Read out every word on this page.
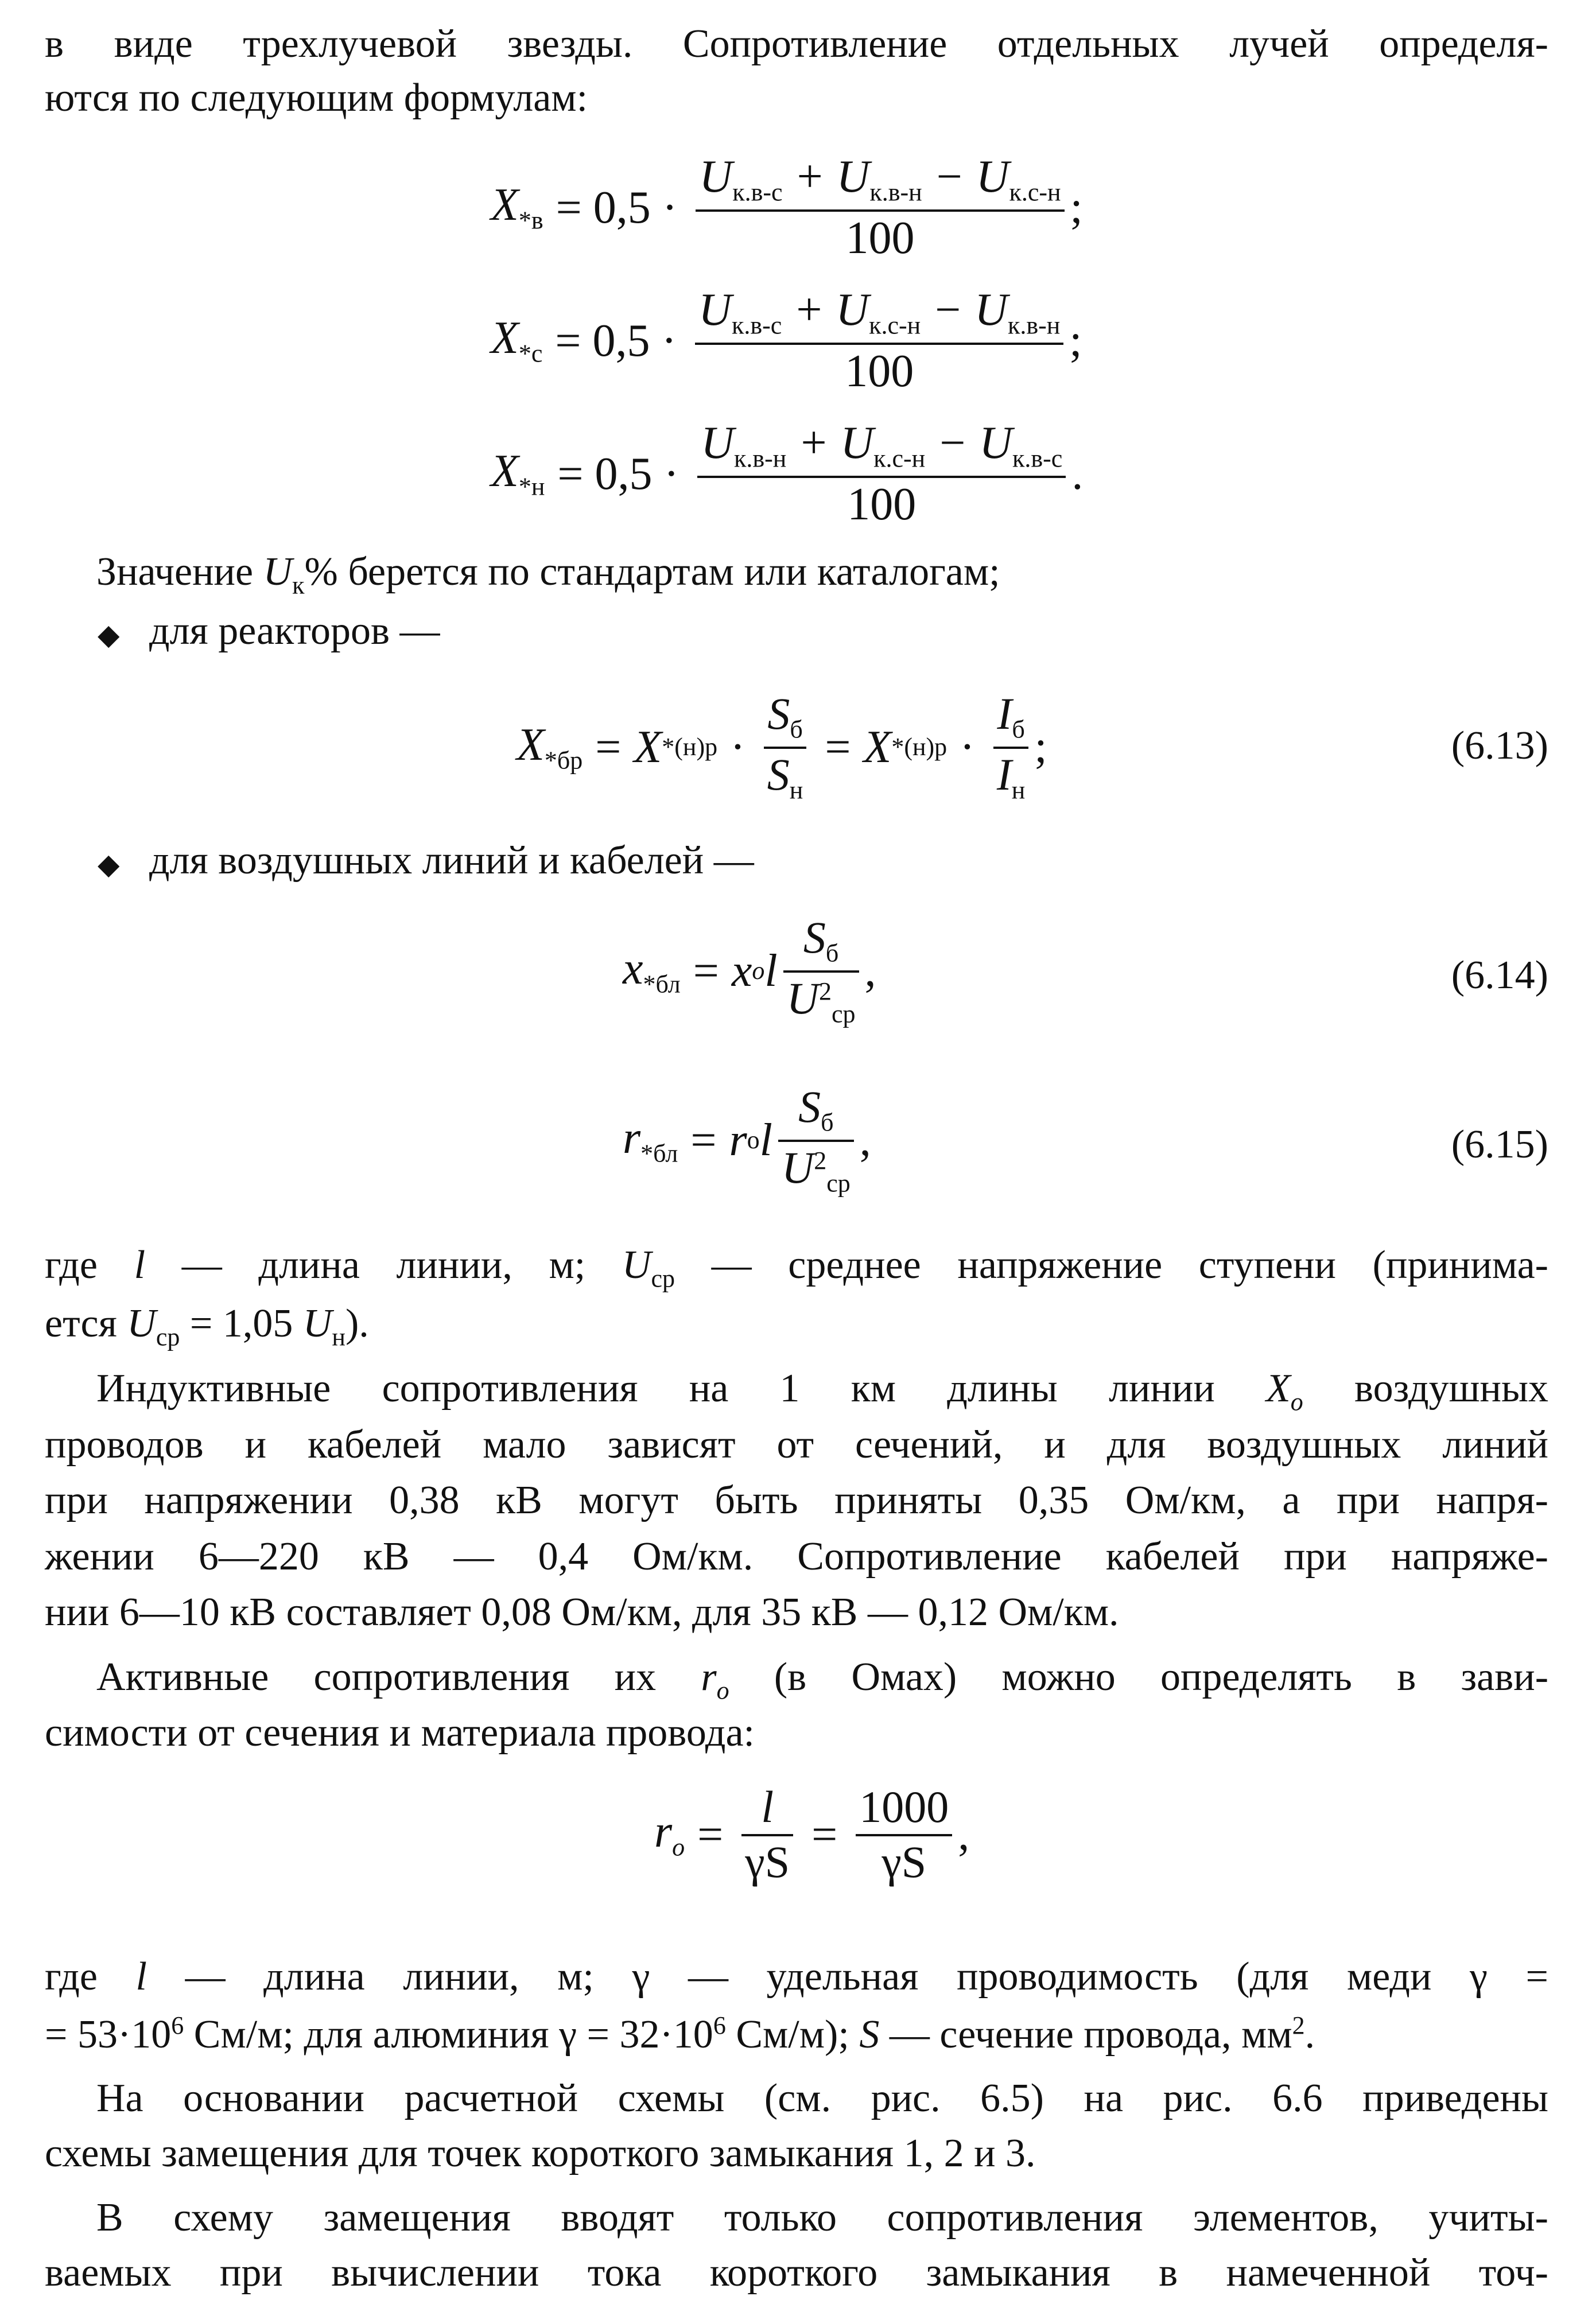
в виде трехлучевой звезды. Сопротивление отдельных лучей определя-
ются по следующим формулам:
$X_{*в} = 0,5 \cdot \frac{U_{к.в-с} + U_{к.в-н} - U_{к.с-н}}{100}$ ;
$X_{*с} = 0,5 \cdot \frac{U_{к.в-с} + U_{к.с-н} - U_{к.в-н}}{100}$ ;
$X_{*н} = 0,5 \cdot \frac{U_{к.в-н} + U_{к.с-н} - U_{к.в-с}}{100}$ .
Значение $U_к\%$ берется по стандартам или каталогам;
◆ для реакторов —
$X_{*бр} = X$ $*(н)р \cdot \frac{S_б}{S_н} = X$ $*(н)р \cdot \frac{I_б}{I_н}$ ;	(6.13)
◆ для воздушных линий и кабелей —
$x_{*бл} = x$ o l $\frac{S_б}{U^2_{ср}}$ ,	(6.14)
$r_{*бл} = r$ o l $\frac{S_б}{U^2_{ср}}$ ,	(6.15)
где l — длина линии, м; $U_{ср}$ — среднее напряжение ступени (принима-
ется $U_{ср} = 1,05$ $U_н$).
Индуктивные сопротивления на 1 км длины линии $X_o$ воздушных
проводов и кабелей мало зависят от сечений, и для воздушных линий
при напряжении 0,38 кВ могут быть приняты 0,35 Ом/км, а при напря-
жении 6—220 кВ — 0,4 Ом/км. Сопротивление кабелей при напряже-
нии 6—10 кВ составляет 0,08 Ом/км, для 35 кВ — 0,12 Ом/км.
Активные сопротивления их $r_o$ (в Омах) можно определять в зави-
симости от сечения и материала провода:
ro = $\frac{l}{\gamma S} = \frac{1000}{\gamma S}$ ,
где l — длина линии, м; γ — удельная проводимость (для меди γ =
= $53\cdot 10^6$ См/м; для алюминия $\gamma = 32\cdot 10^6$ См/м); S — сечение провода, $мм^2$.
На основании расчетной схемы (см. рис. 6.5) на рис. 6.6 приведены
схемы замещения для точек короткого замыкания 1, 2 и 3.
В схему замещения вводят только сопротивления элементов, учиты-
ваемых при вычислении тока короткого замыкания в намеченной точ-
